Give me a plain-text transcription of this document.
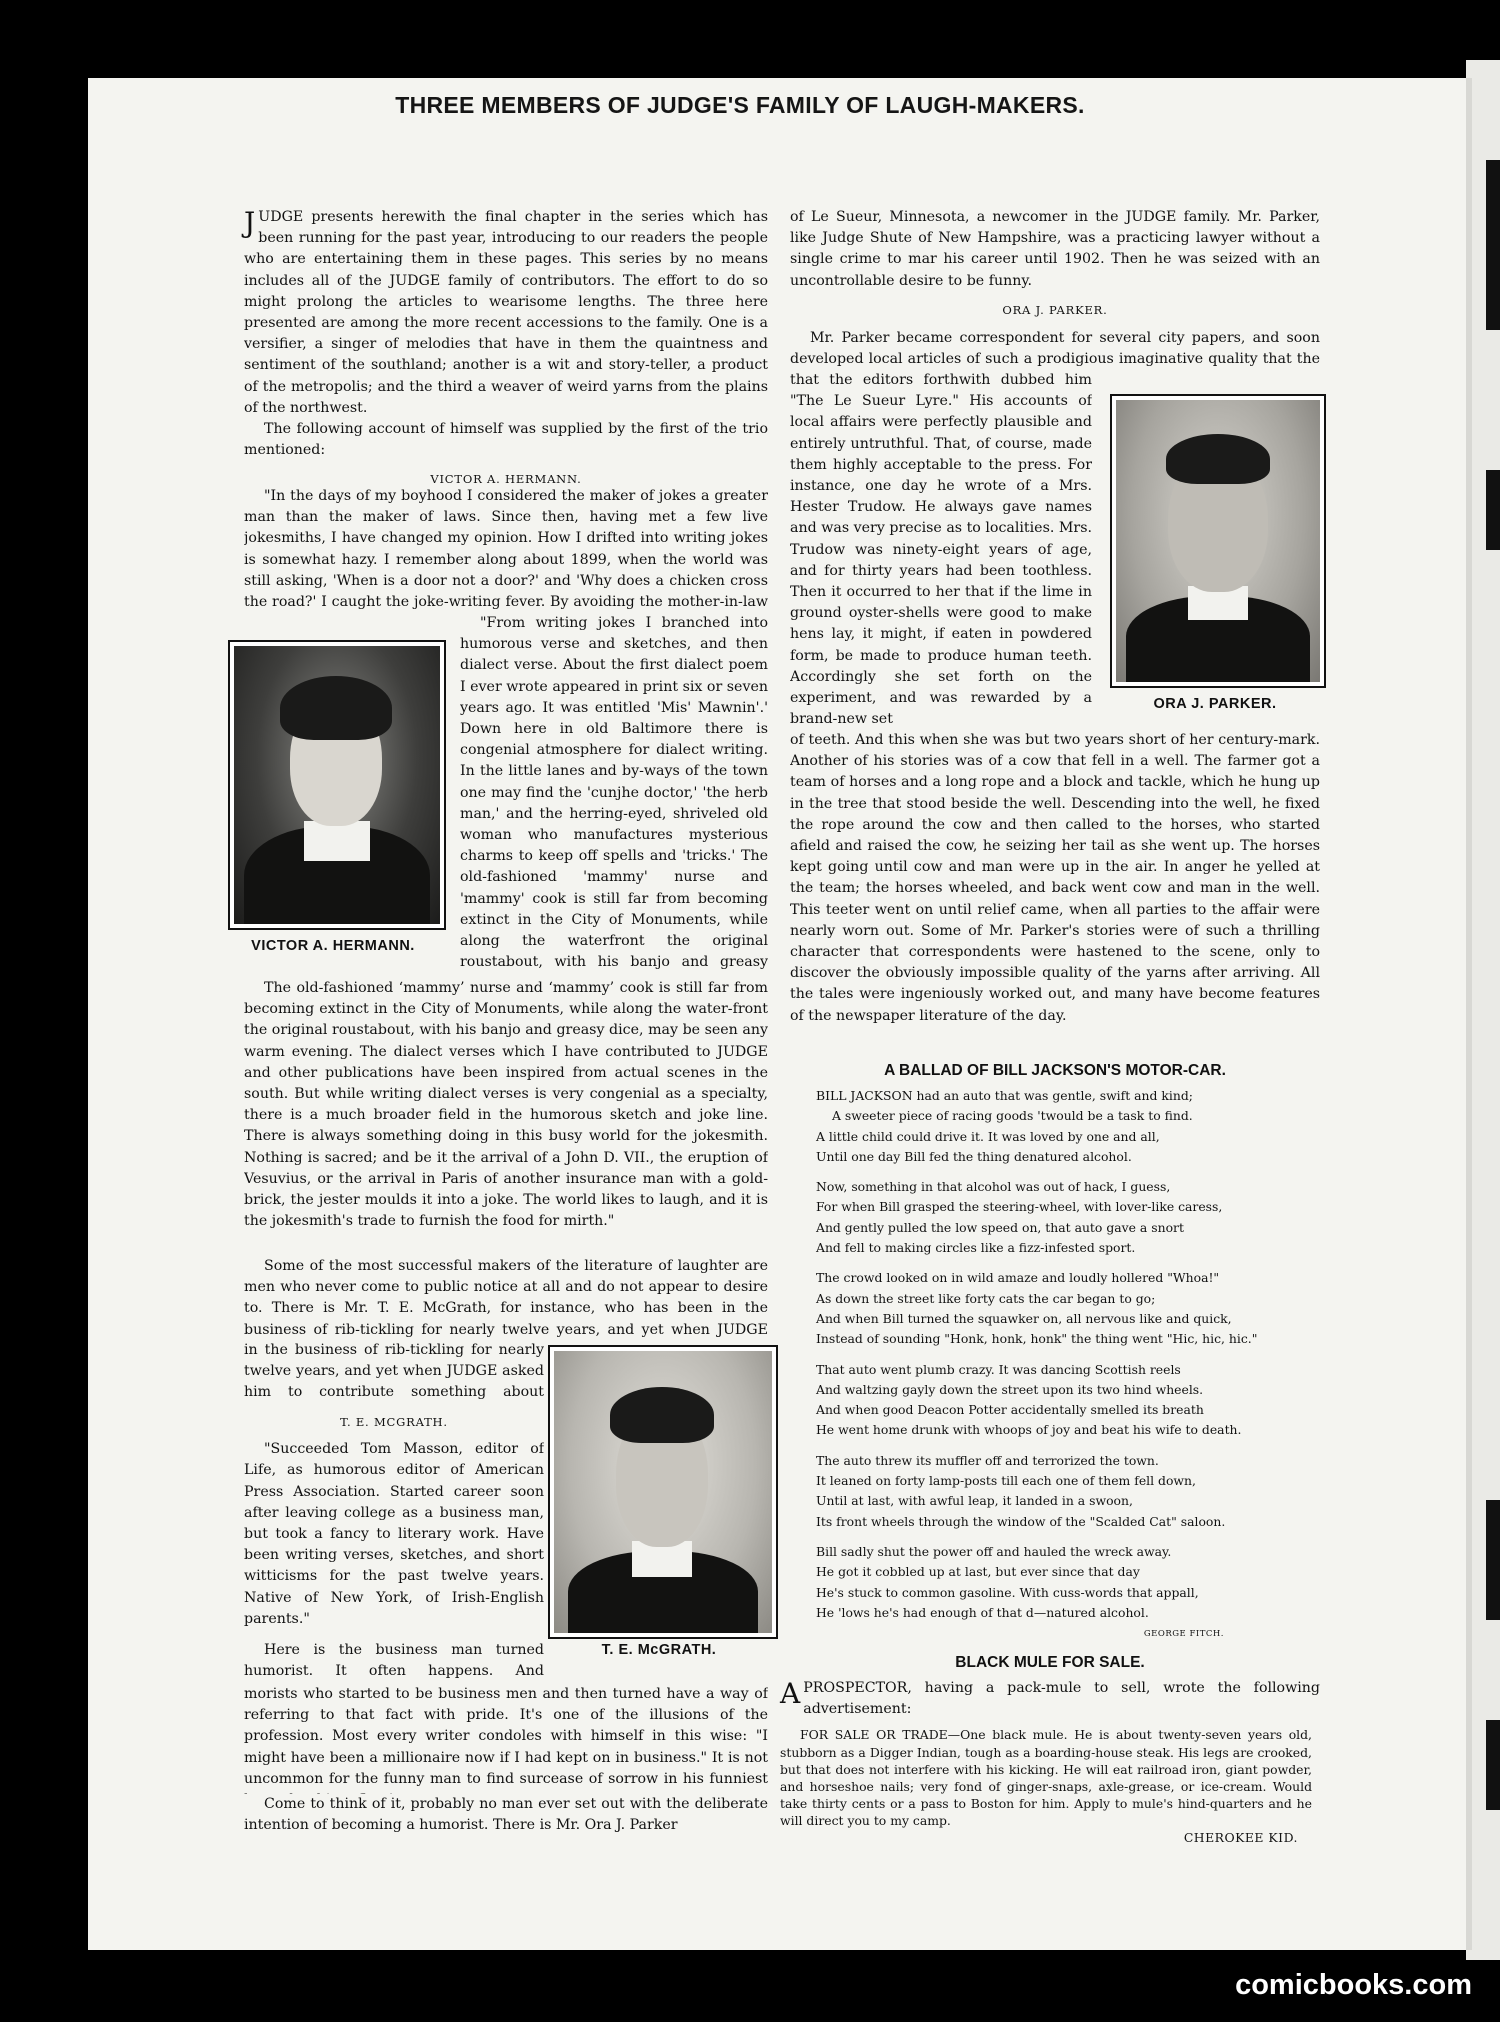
THREE MEMBERS OF JUDGE'S FAMILY OF LAUGH-MAKERS.

JUDGE presents herewith the final chapter in the series which has been running for the past year, introducing to our readers the people who are entertaining them in these pages. This series by no means includes all of the JUDGE family of contributors. The effort to do so might prolong the articles to wearisome lengths. The three here presented are among the more recent accessions to the family. One is a versifier, a singer of melodies that have in them the quaintness and sentiment of the southland; another is a wit and story-teller, a product of the metropolis; and the third a weaver of weird yarns from the plains of the northwest.

The following account of himself was supplied by the first of the trio mentioned:

VICTOR A. HERMANN.

"In the days of my boyhood I considered the maker of jokes a greater man than the maker of laws. Since then, having met a few live jokesmiths, I have changed my opinion. How I drifted into writing jokes is somewhat hazy. I remember along about 1899, when the world was still asking, 'When is a door not a door?' and 'Why does a chicken cross the road?' I caught the joke-writing fever. By avoiding the mother-in-law

"From writing jokes I branched into humorous verse and sketches, and then dialect verse. About the first dialect poem I ever wrote appeared in print six or seven years ago. It was entitled 'Mis' Mawnin'.' Down here in old Baltimore there is congenial atmosphere for dialect writing. In the little lanes and by-ways of the town one may find the 'cunjhe doctor,' 'the herb man,' and the herring-eyed, shriveled old woman who manufactures mysterious charms to keep off spells and 'tricks.' The old-fashioned 'mammy' nurse and 'mammy' cook is still far from becoming extinct in the City of Monuments, while along the waterfront the original roustabout, with his banjo and greasy

VICTOR A. HERMANN.

The old-fashioned ‘mammy’ nurse and ‘mammy’ cook is still far from becoming extinct in the City of Monuments, while along the water-front the original roustabout, with his banjo and greasy dice, may be seen any warm evening. The dialect verses which I have contributed to JUDGE and other publications have been inspired from actual scenes in the south. But while writing dialect verses is very congenial as a specialty, there is a much broader field in the humorous sketch and joke line. There is always something doing in this busy world for the jokesmith. Nothing is sacred; and be it the arrival of a John D. VII., the eruption of Vesuvius, or the arrival in Paris of another insurance man with a gold-brick, the jester moulds it into a joke. The world likes to laugh, and it is the jokesmith's trade to furnish the food for mirth."

Some of the most successful makers of the literature of laughter are men who never come to public notice at all and do not appear to desire to. There is Mr. T. E. McGrath, for instance, who has been in the business of rib-tickling for nearly twelve years, and yet when JUDGE

in the business of rib-tickling for nearly twelve years, and yet when JUDGE asked him to contribute something about

T. E. MCGRATH.

"Succeeded Tom Masson, editor of Life, as humorous editor of American Press Association. Started career soon after leaving college as a business man, but took a fancy to literary work. Have been writing verses, sketches, and short witticisms for the past twelve years. Native of New York, of Irish-English parents."

T. E. McGRATH.

Here is the business man turned humorist. It often happens. And

morists who started to be business men and then turned have a way of referring to that fact with pride. It's one of the illusions of the profession. Most every writer condoles with himself in this wise: "I might have been a millionaire now if I had kept on in business." It is not uncommon for the funny man to find surcease of sorrow in his funniest

Come to think of it, probably no man ever set out with the deliberate intention of becoming a humorist. There is Mr. Ora J. Parker

of Le Sueur, Minnesota, a newcomer in the JUDGE family. Mr. Parker, like Judge Shute of New Hampshire, was a practicing lawyer without a single crime to mar his career until 1902. Then he was seized with an uncontrollable desire to be funny.

ORA J. PARKER.

Mr. Parker became correspondent for several city papers, and soon developed local articles of such a prodigious imaginative quality that the

that the editors forthwith dubbed him "The Le Sueur Lyre." His accounts of local affairs were perfectly plausible and entirely untruthful. That, of course, made them highly acceptable to the press. For instance, one day he wrote of a Mrs. Hester Trudow. He always gave names and was very precise as to localities. Mrs. Trudow was ninety-eight years of age, and for thirty years had been toothless. Then it occurred to her that if the lime in ground oyster-shells were good to make hens lay, it might, if eaten in powdered form, be made to produce human teeth. Accordingly she set forth on the experiment, and was rewarded by a brand-new set

ORA J. PARKER.

of teeth. And this when she was but two years short of her century-mark. Another of his stories was of a cow that fell in a well. The farmer got a team of horses and a long rope and a block and tackle, which he hung up in the tree that stood beside the well. Descending into the well, he fixed the rope around the cow and then called to the horses, who started afield and raised the cow, he seizing her tail as she went up. The horses kept going until cow and man were up in the air. In anger he yelled at the team; the horses wheeled, and back went cow and man in the well. This teeter went on until relief came, when all parties to the affair were nearly worn out. Some of Mr. Parker's stories were of such a thrilling character that correspondents were hastened to the scene, only to discover the obviously impossible quality of the yarns after arriving. All the tales were ingeniously worked out, and many have become features of the newspaper literature of the day.

A BALLAD OF BILL JACKSON'S MOTOR-CAR.
BILL JACKSON had an auto that was gentle, swift and kind;
A sweeter piece of racing goods 'twould be a task to find.
A little child could drive it. It was loved by one and all,
Until one day Bill fed the thing denatured alcohol.
Now, something in that alcohol was out of hack, I guess,
For when Bill grasped the steering-wheel, with lover-like caress,
And gently pulled the low speed on, that auto gave a snort
And fell to making circles like a fizz-infested sport.
The crowd looked on in wild amaze and loudly hollered "Whoa!"
As down the street like forty cats the car began to go;
And when Bill turned the squawker on, all nervous like and quick,
Instead of sounding "Honk, honk, honk" the thing went "Hic, hic, hic."
That auto went plumb crazy. It was dancing Scottish reels
And waltzing gayly down the street upon its two hind wheels.
And when good Deacon Potter accidentally smelled its breath
He went home drunk with whoops of joy and beat his wife to death.
The auto threw its muffler off and terrorized the town.
It leaned on forty lamp-posts till each one of them fell down,
Until at last, with awful leap, it landed in a swoon,
Its front wheels through the window of the "Scalded Cat" saloon.
Bill sadly shut the power off and hauled the wreck away.
He got it cobbled up at last, but ever since that day
He's stuck to common gasoline. With cuss-words that appall,
He 'lows he's had enough of that d—natured alcohol.
GEORGE FITCH.
BLACK MULE FOR SALE.

APROSPECTOR, having a pack-mule to sell, wrote the following advertisement:

FOR SALE OR TRADE—One black mule. He is about twenty-seven years old, stubborn as a Digger Indian, tough as a boarding-house steak. His legs are crooked, but that does not interfere with his kicking. He will eat railroad iron, giant powder, and horseshoe nails; very fond of ginger-snaps, axle-grease, or ice-cream. Would take thirty cents or a pass to Boston for him. Apply to mule's hind-quarters and he will direct you to my camp.

CHEROKEE KID.
comicbooks.com
